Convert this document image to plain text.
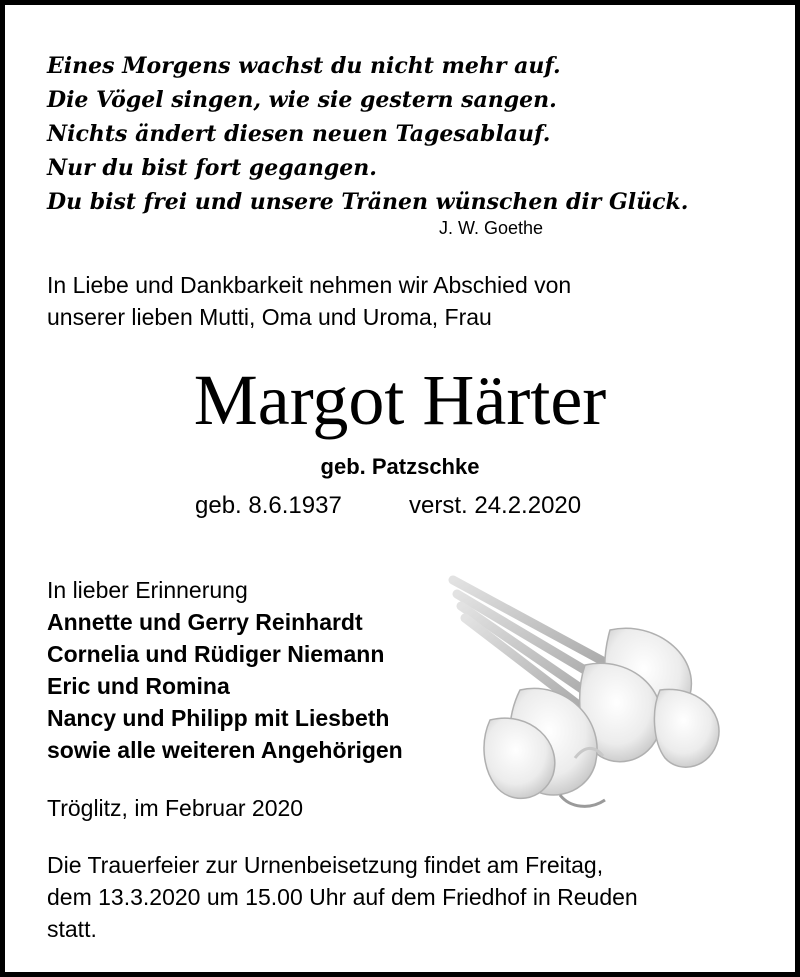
Eines Morgens wachst du nicht mehr auf.
Die Vögel singen, wie sie gestern sangen.
Nichts ändert diesen neuen Tagesablauf.
Nur du bist fort gegangen.
Du bist frei und unsere Tränen wünschen dir Glück.
J. W. Goethe
In Liebe und Dankbarkeit nehmen wir Abschied von
unserer lieben Mutti, Oma und Uroma, Frau
Margot Härter
geb. Patzschke
geb. 8.6.1937	verst. 24.2.2020
In lieber Erinnerung
Annette und Gerry Reinhardt
Cornelia und Rüdiger Niemann
Eric und Romina
Nancy und Philipp mit Liesbeth
sowie alle weiteren Angehörigen
Tröglitz, im Februar 2020
Die Trauerfeier zur Urnenbeisetzung findet am Freitag,
dem 13.3.2020 um 15.00 Uhr auf dem Friedhof in Reuden
statt.
